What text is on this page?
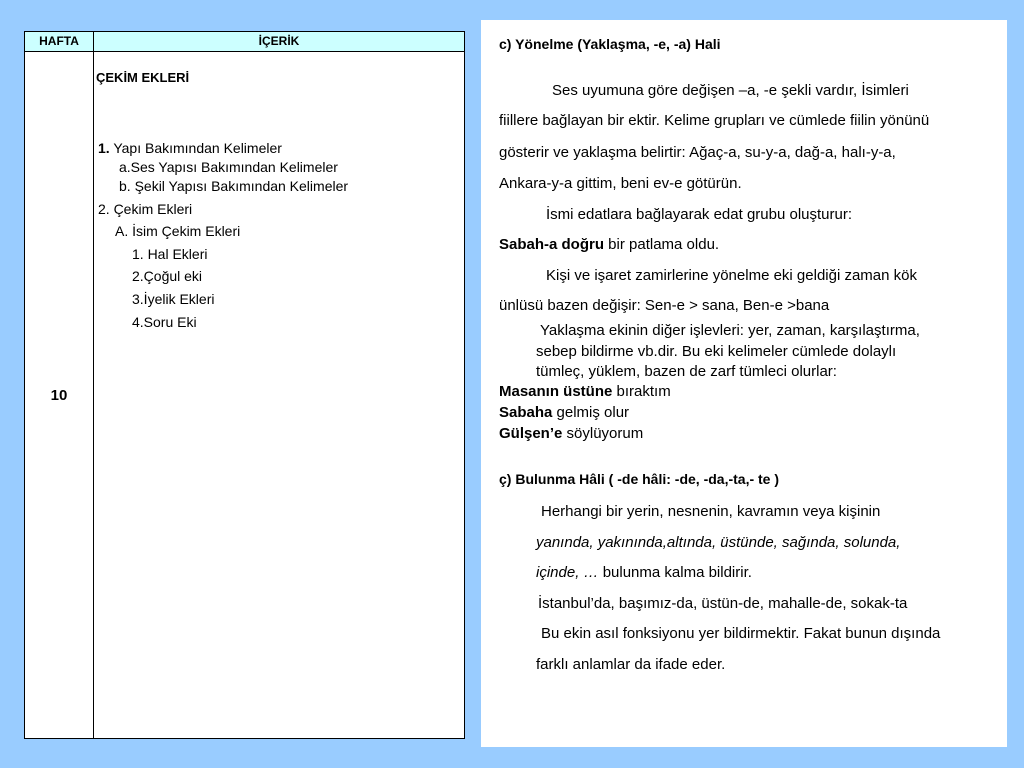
HAFTA	İÇERİK
10
ÇEKİM EKLERİ
1. Yapı Bakımından Kelimeler
a.Ses Yapısı Bakımından Kelimeler
b. Şekil Yapısı Bakımından Kelimeler
2. Çekim Ekleri
A. İsim Çekim Ekleri
1. Hal Ekleri
2.Çoğul eki
3.İyelik Ekleri
4.Soru Eki
c) Yönelme (Yaklaşma, -e, -a) Hali
Ses uyumuna göre değişen –a, -e şekli vardır, İsimleri
fiillere bağlayan bir ektir. Kelime grupları ve cümlede fiilin yönünü
gösterir ve yaklaşma belirtir: Ağaç-a, su-y-a, dağ-a, halı-y-a,
Ankara-y-a gittim, beni ev-e götürün.
İsmi edatlara bağlayarak edat grubu oluşturur:
Sabah-a doğru bir patlama oldu.
Kişi ve işaret zamirlerine yönelme eki geldiği zaman kök
ünlüsü bazen değişir: Sen-e > sana, Ben-e >bana
Yaklaşma ekinin diğer işlevleri: yer, zaman, karşılaştırma,
sebep bildirme vb.dir. Bu eki kelimeler cümlede dolaylı
tümleç, yüklem, bazen de zarf tümleci olurlar:
Masanın üstüne bıraktım
Sabaha gelmiş olur
Gülşen’e söylüyorum
ç) Bulunma Hâli ( -de hâli: -de, -da,-ta,- te )
Herhangi bir yerin, nesnenin, kavramın veya kişinin
yanında, yakınında,altında, üstünde, sağında, solunda,
içinde, … bulunma kalma bildirir.
İstanbul’da, başımız-da, üstün-de, mahalle-de, sokak-ta
Bu ekin asıl fonksiyonu yer bildirmektir. Fakat bunun dışında
farklı anlamlar da ifade eder.
